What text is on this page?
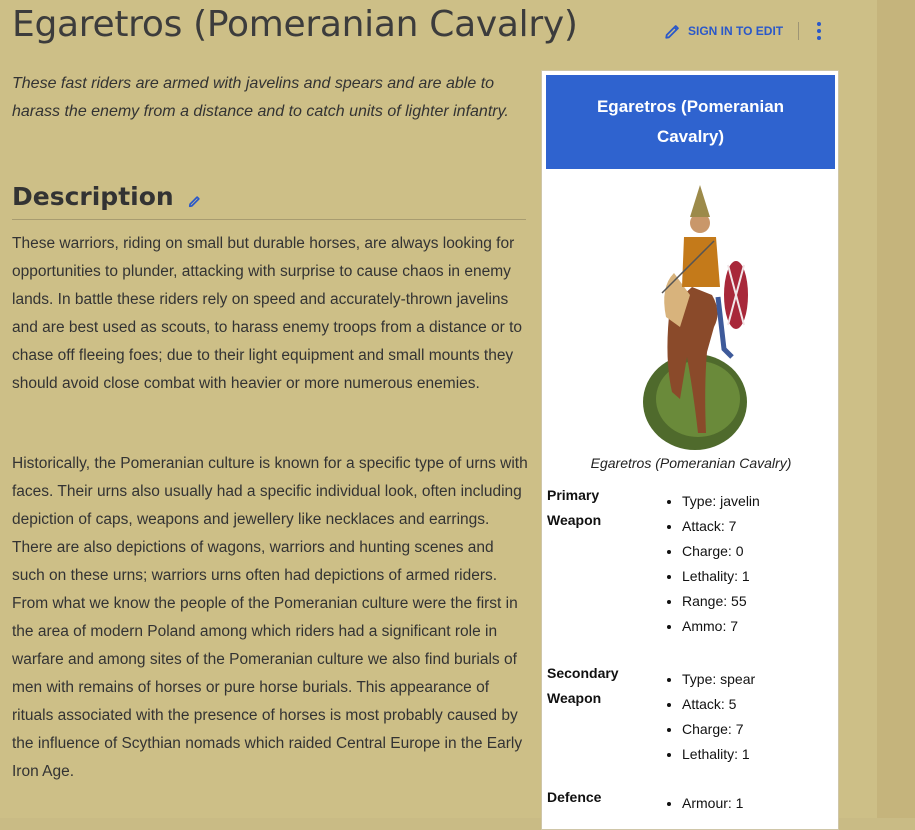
Egaretros (Pomeranian Cavalry)	SIGN IN TO EDIT

These fast riders are armed with javelins and spears and are able to harass the enemy from a distance and to catch units of lighter infantry.

Description

These warriors, riding on small but durable horses, are always looking for opportunities to plunder, attacking with surprise to cause chaos in enemy lands. In battle these riders rely on speed and accurately-thrown javelins and are best used as scouts, to harass enemy troops from a distance or to chase off fleeing foes; due to their light equipment and small mounts they should avoid close combat with heavier or more numerous enemies.

Historically, the Pomeranian culture is known for a specific type of urns with faces. Their urns also usually had a specific individual look, often including depiction of caps, weapons and jewellery like necklaces and earrings. There are also depictions of wagons, warriors and hunting scenes and such on these urns; warriors urns often had depictions of armed riders. From what we know the people of the Pomeranian culture were the first in the area of modern Poland among which riders had a significant role in warfare and among sites of the Pomeranian culture we also find burials of men with remains of horses or pure horse burials. This appearance of rituals associated with the presence of horses is most probably caused by the influence of Scythian nomads which raided Central Europe in the Early Iron Age.

Egaretros (Pomeranian Cavalry)
Egaretros (Pomeranian Cavalry)
Primary Weapon
• Type: javelin
• Attack: 7
• Charge: 0
• Lethality: 1
• Range: 55
• Ammo: 7
Secondary Weapon
• Type: spear
• Attack: 5
• Charge: 7
• Lethality: 1
Defence
•	Armour: 1
